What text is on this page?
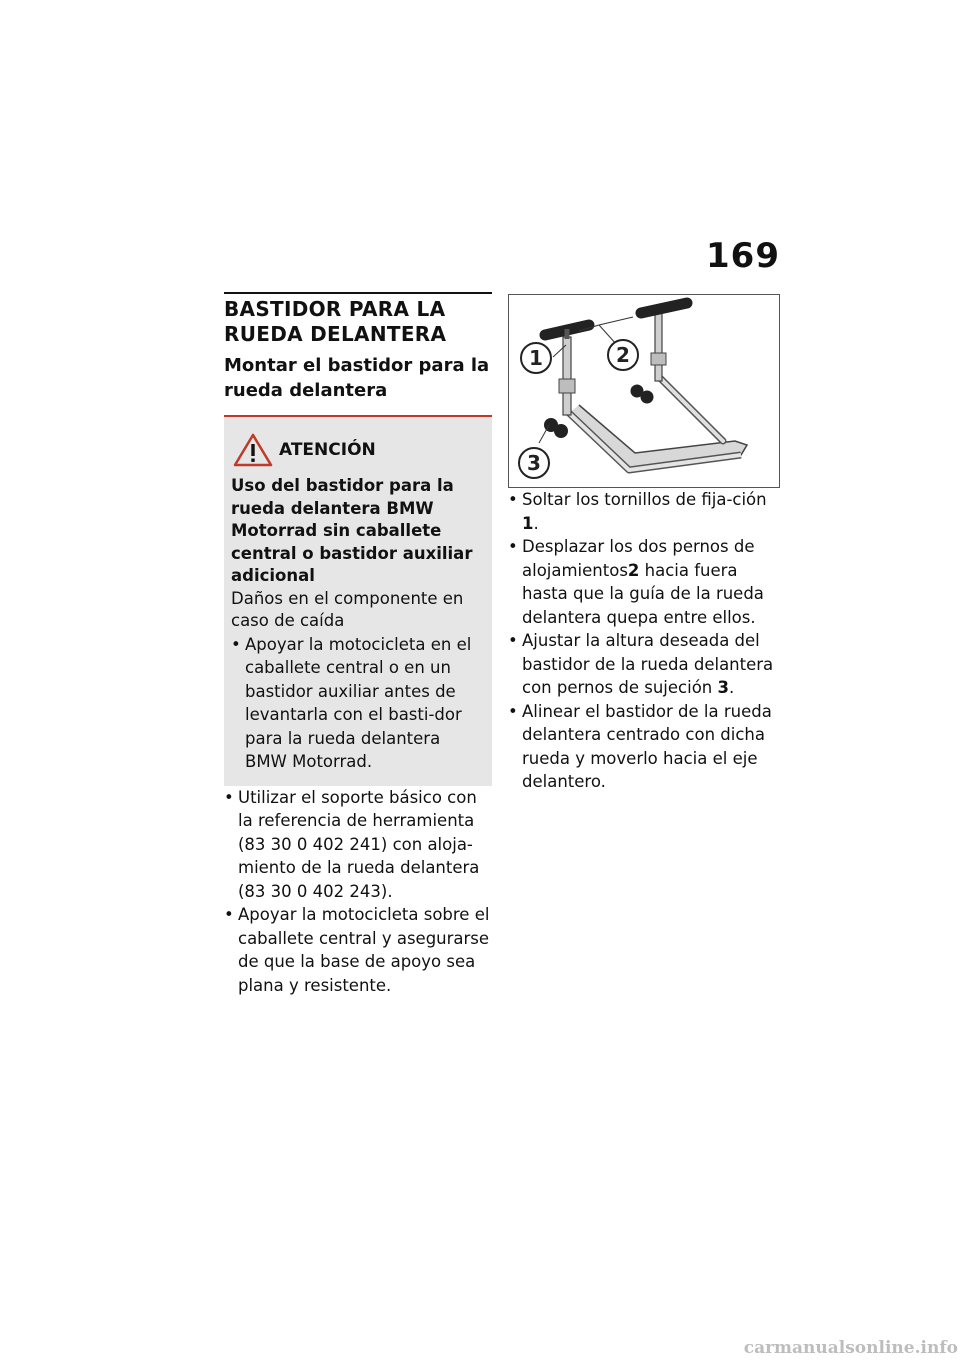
169
BASTIDOR PARA LA RUEDA DELANTERA
Montar el bastidor para la rueda delantera
ATENCIÓN
Uso del bastidor para la rueda delantera BMW Motorrad sin caballete central o bastidor auxiliar adicional
Daños en el componente en caso de caída
• Apoyar la motocicleta en el caballete central o en un bastidor auxiliar antes de levantarla con el basti-dor para la rueda delantera BMW Motorrad.
• Utilizar el soporte básico con la referencia de herramienta (83 30 0 402 241) con aloja-miento de la rueda delantera (83 30 0 402 243).
• Apoyar la motocicleta sobre el caballete central y asegurarse de que la base de apoyo sea plana y resistente.
1	2
3
• Soltar los tornillos de fija-ción 1.
• Desplazar los dos pernos de alojamientos2 hacia fuera hasta que la guía de la rueda delantera quepa entre ellos.
• Ajustar la altura deseada del bastidor de la rueda delantera con pernos de sujeción 3.
• Alinear el bastidor de la rueda delantera centrado con dicha rueda y moverlo hacia el eje delantero.
carmanualsonline.info
